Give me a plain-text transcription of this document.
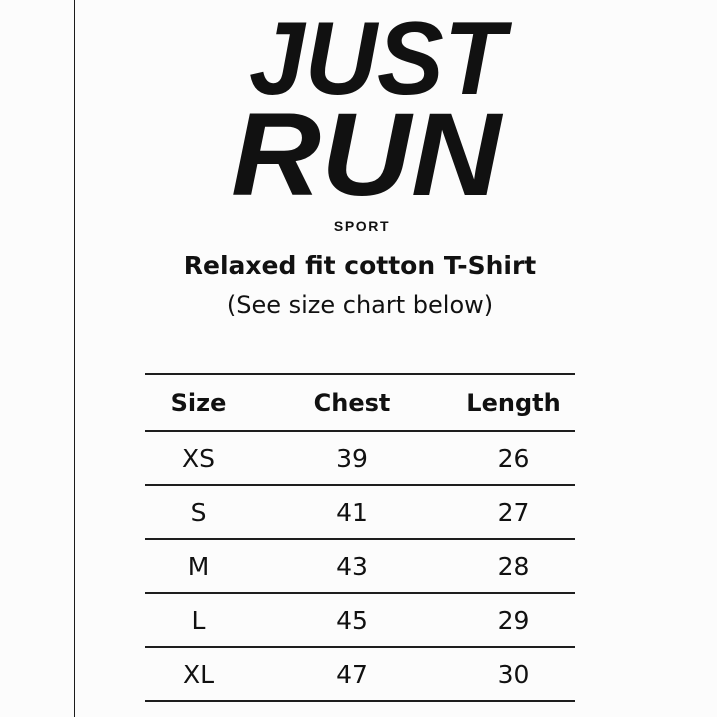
JUST
RUN
SPORT
Relaxed fit cotton T-Shirt
(See size chart below)
Size	Chest	Length
XS	39	26
S	41	27
M	43	28
L	45	29
XL	47	30
